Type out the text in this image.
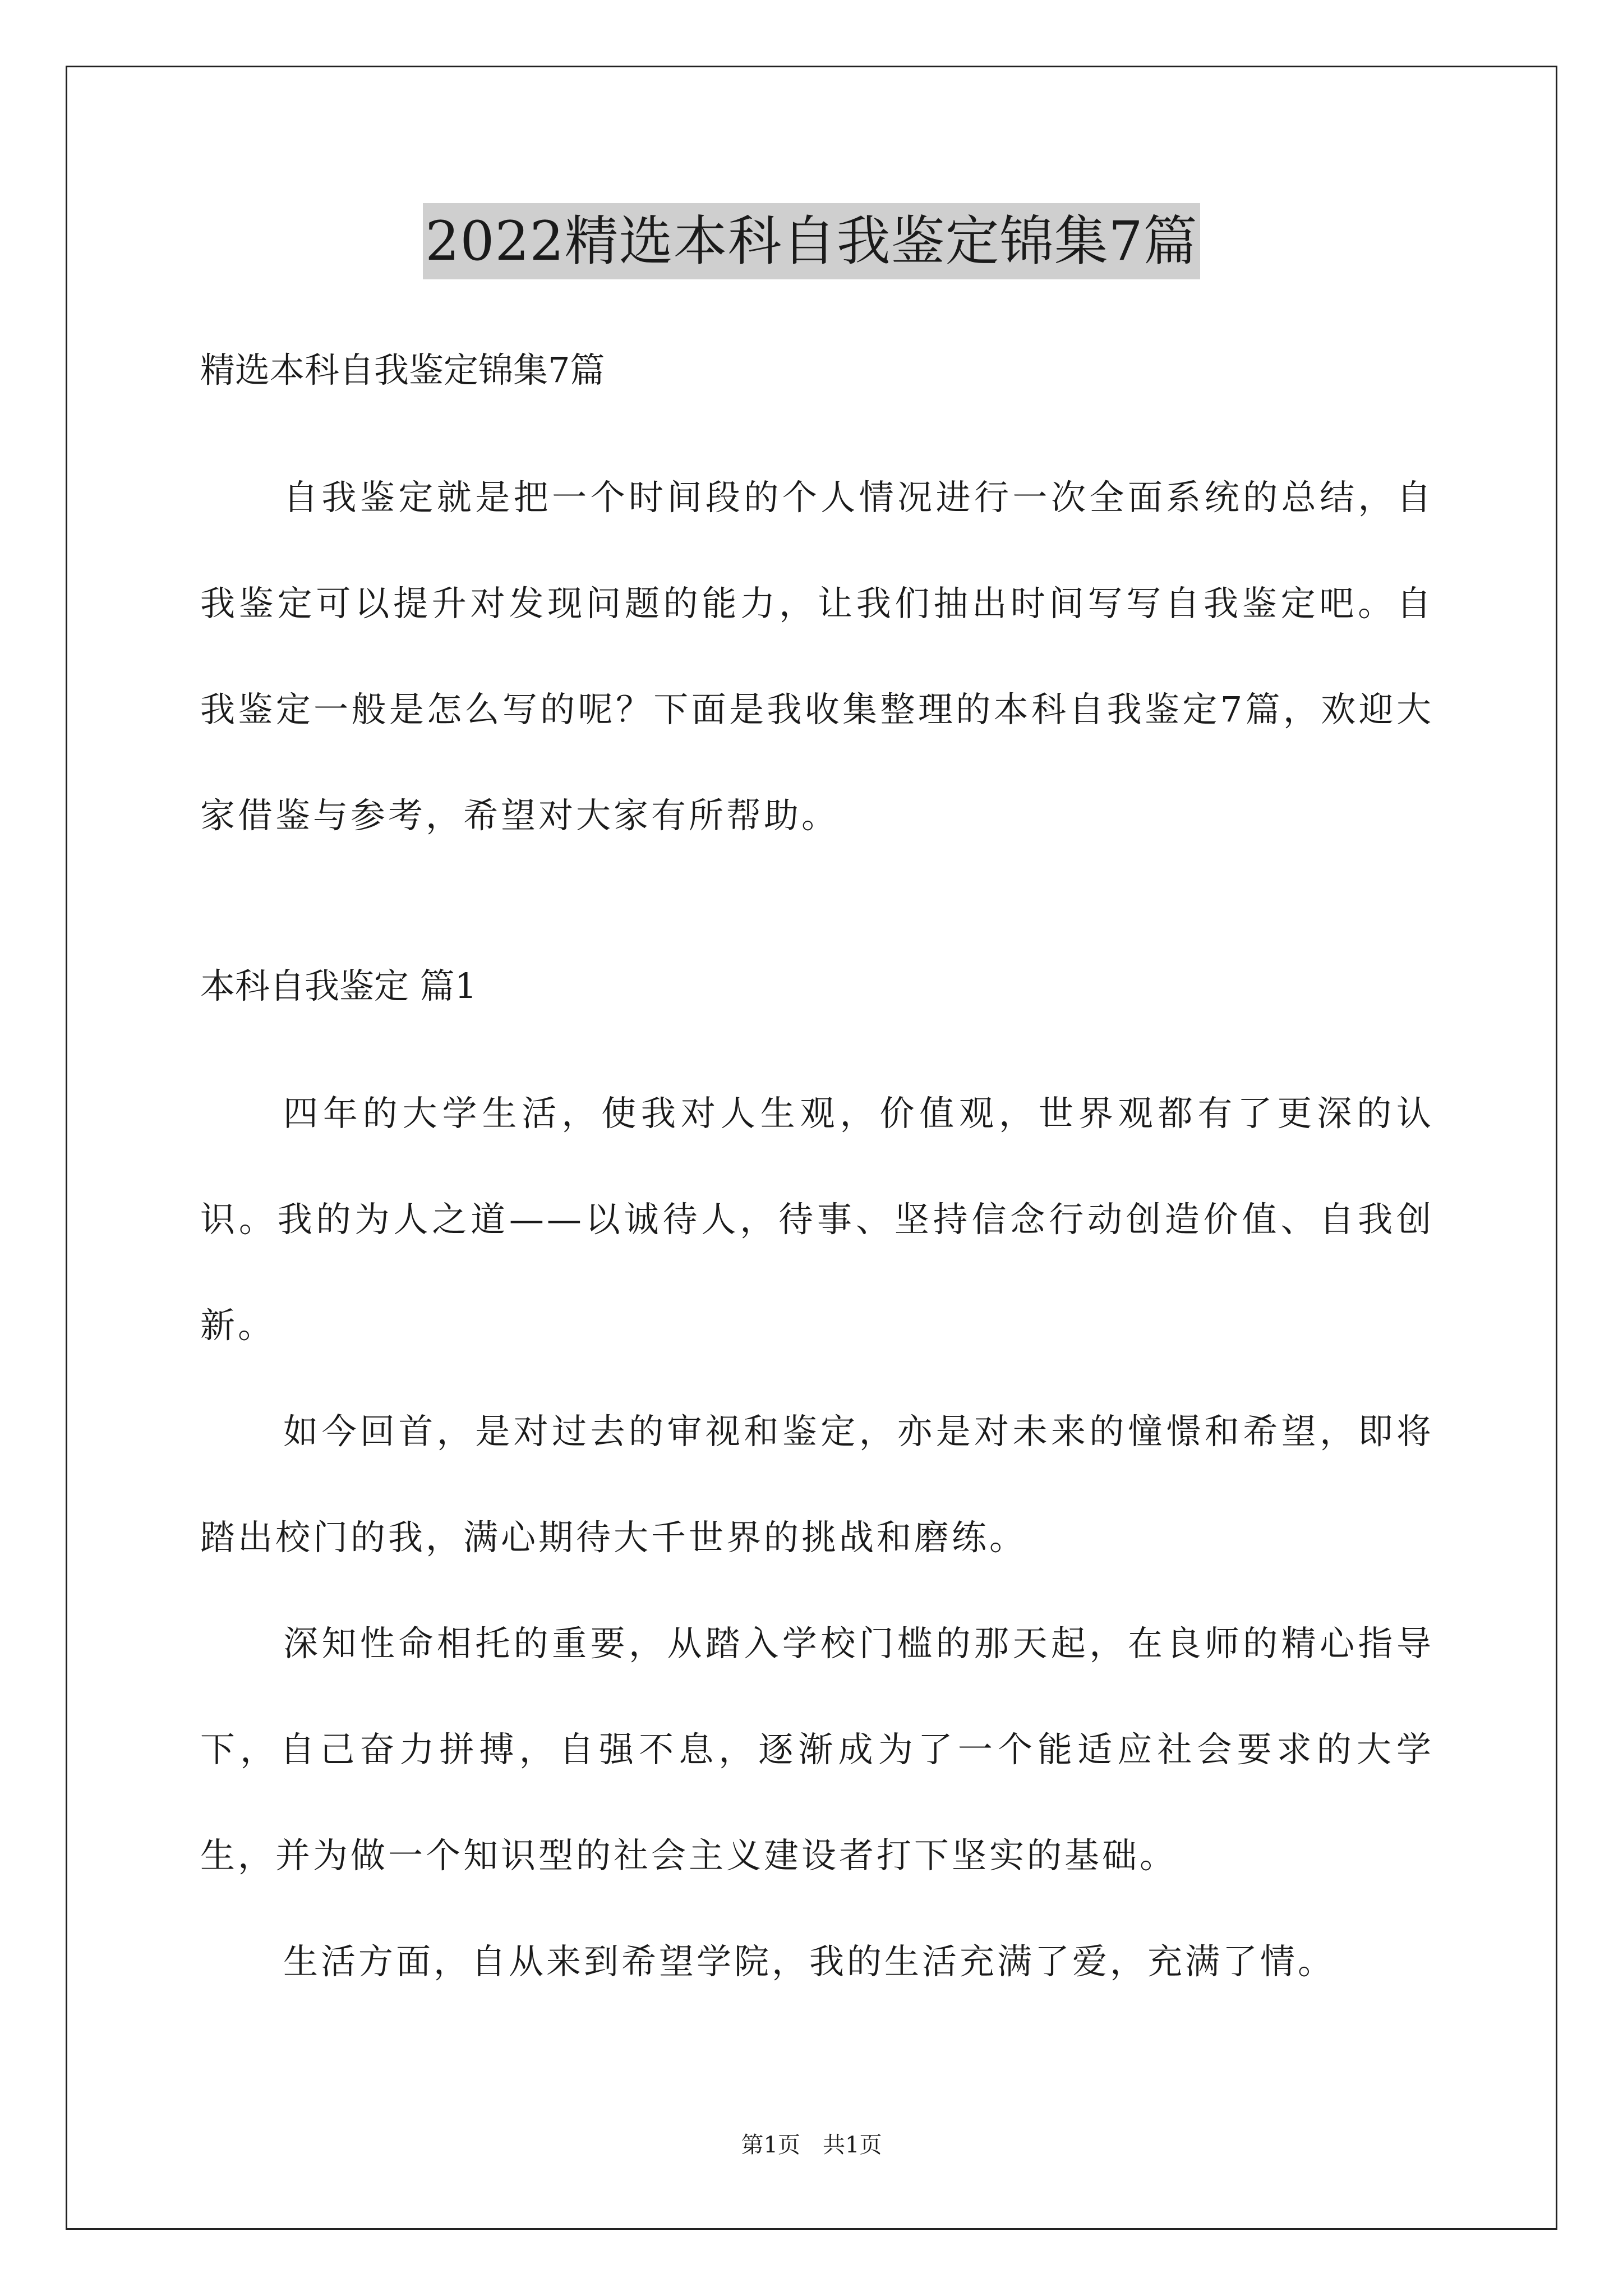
2022精选本科自我鉴定锦集7篇

精选本科自我鉴定锦集7篇

自我鉴定就是把一个时间段的个人情况进行一次全面系统的总结，自我鉴定可以提升对发现问题的能力，让我们抽出时间写写自我鉴定吧。自我鉴定一般是怎么写的呢？下面是我收集整理的本科自我鉴定7篇，欢迎大家借鉴与参考，希望对大家有所帮助。

本科自我鉴定 篇1

四年的大学生活，使我对人生观，价值观，世界观都有了更深的认识。我的为人之道——以诚待人，待事、坚持信念行动创造价值、自我创新。

如今回首，是对过去的审视和鉴定，亦是对未来的憧憬和希望，即将踏出校门的我，满心期待大千世界的挑战和磨练。

深知性命相托的重要，从踏入学校门槛的那天起，在良师的精心指导下，自己奋力拼搏，自强不息，逐渐成为了一个能适应社会要求的大学生，并为做一个知识型的社会主义建设者打下坚实的基础。

生活方面，自从来到希望学院，我的生活充满了爱，充满了情。

第1页　共1页
